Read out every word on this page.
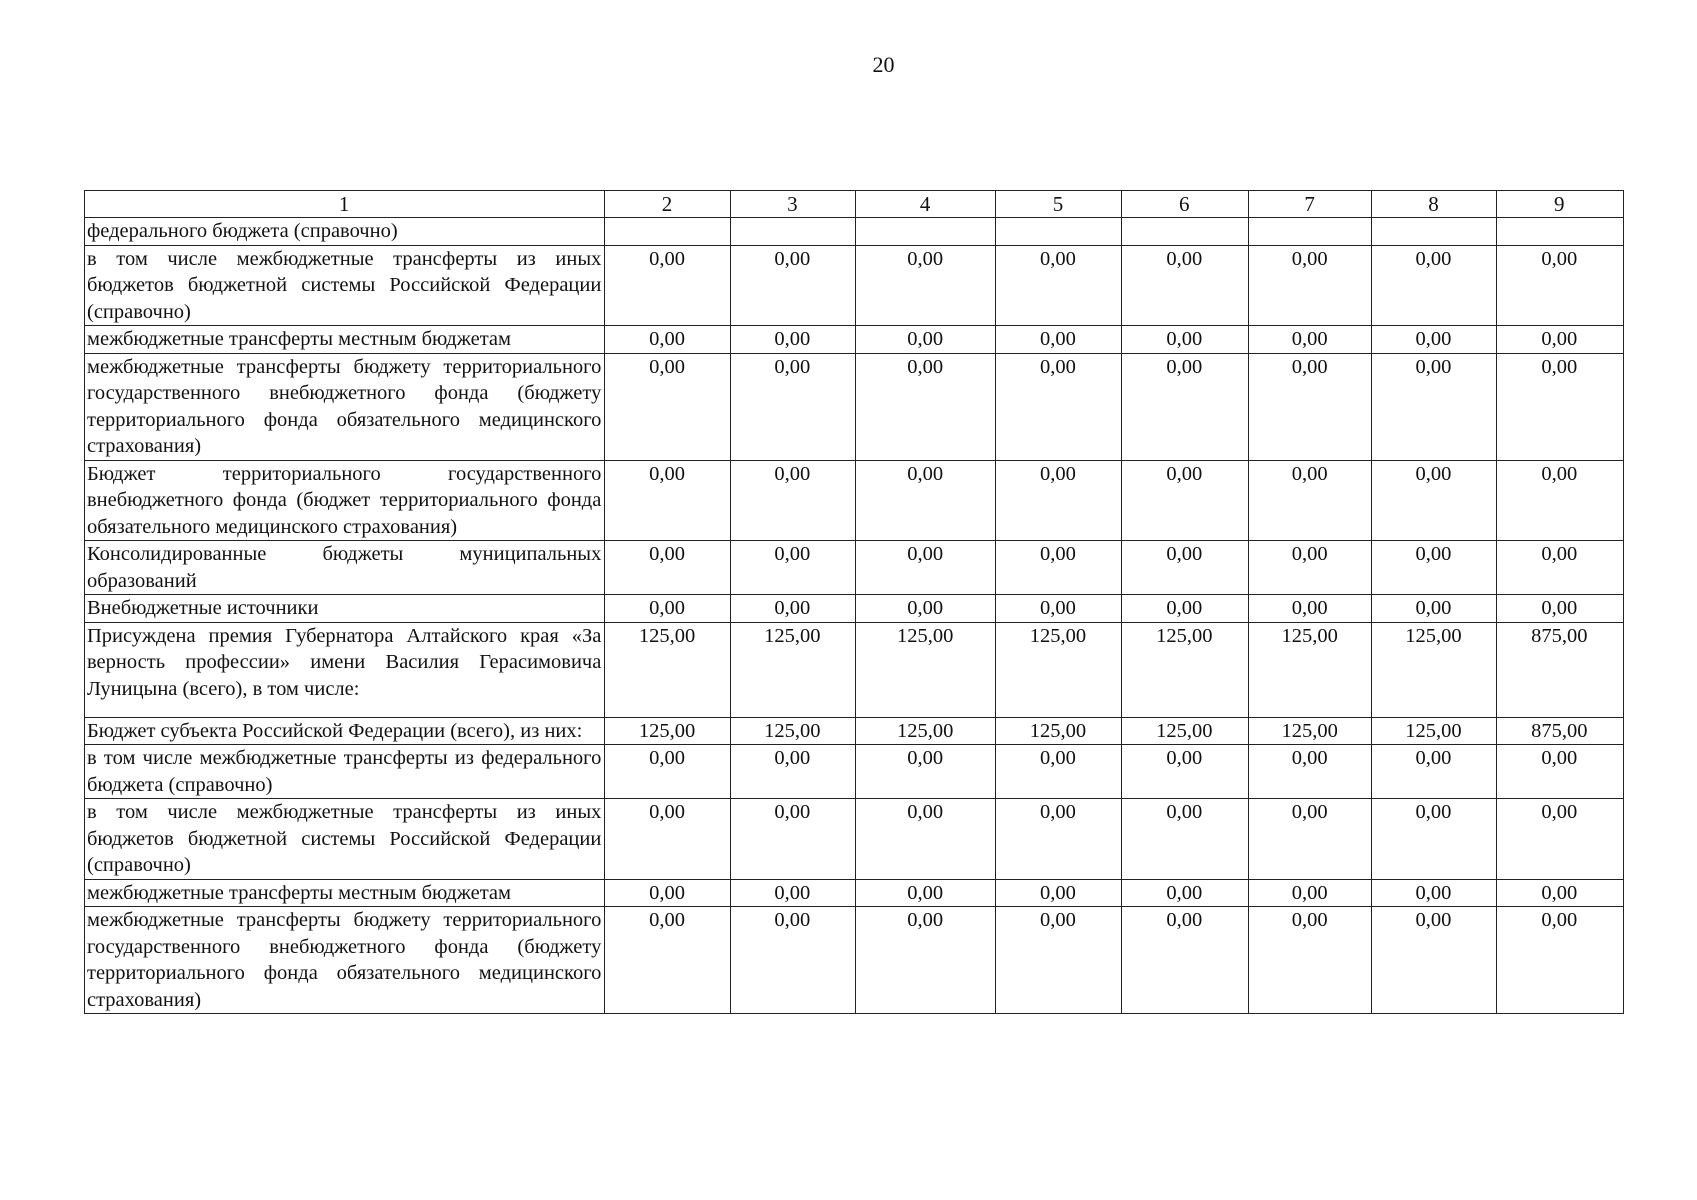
20
1	2	3	4	5	6	7	8	9
федерального бюджета (справочно)								
в том числе межбюджетные трансферты из иных бюджетов бюджетной системы Российской Федерации (справочно)	0,00	0,00	0,00	0,00	0,00	0,00	0,00	0,00
межбюджетные трансферты местным бюджетам	0,00	0,00	0,00	0,00	0,00	0,00	0,00	0,00
межбюджетные трансферты бюджету территориального государственного внебюджетного фонда (бюджету территориального фонда обязательного медицинского страхования)	0,00	0,00	0,00	0,00	0,00	0,00	0,00	0,00
Бюджет территориального государственного внебюджетного фонда (бюджет территориального фонда обязательного медицинского страхования)	0,00	0,00	0,00	0,00	0,00	0,00	0,00	0,00
Консолидированные бюджеты муниципальных образований	0,00	0,00	0,00	0,00	0,00	0,00	0,00	0,00
Внебюджетные источники	0,00	0,00	0,00	0,00	0,00	0,00	0,00	0,00
Присуждена премия Губернатора Алтайского края «За верность профессии» имени Василия Герасимовича Луницына (всего), в том числе:	125,00	125,00	125,00	125,00	125,00	125,00	125,00	875,00
Бюджет субъекта Российской Федерации (всего), из них:	125,00	125,00	125,00	125,00	125,00	125,00	125,00	875,00
в том числе межбюджетные трансферты из федерального бюджета (справочно)	0,00	0,00	0,00	0,00	0,00	0,00	0,00	0,00
в том числе межбюджетные трансферты из иных бюджетов бюджетной системы Российской Федерации (справочно)	0,00	0,00	0,00	0,00	0,00	0,00	0,00	0,00
межбюджетные трансферты местным бюджетам	0,00	0,00	0,00	0,00	0,00	0,00	0,00	0,00
межбюджетные трансферты бюджету территориального государственного внебюджетного фонда (бюджету территориального фонда обязательного медицинского страхования)	0,00	0,00	0,00	0,00	0,00	0,00	0,00	0,00
